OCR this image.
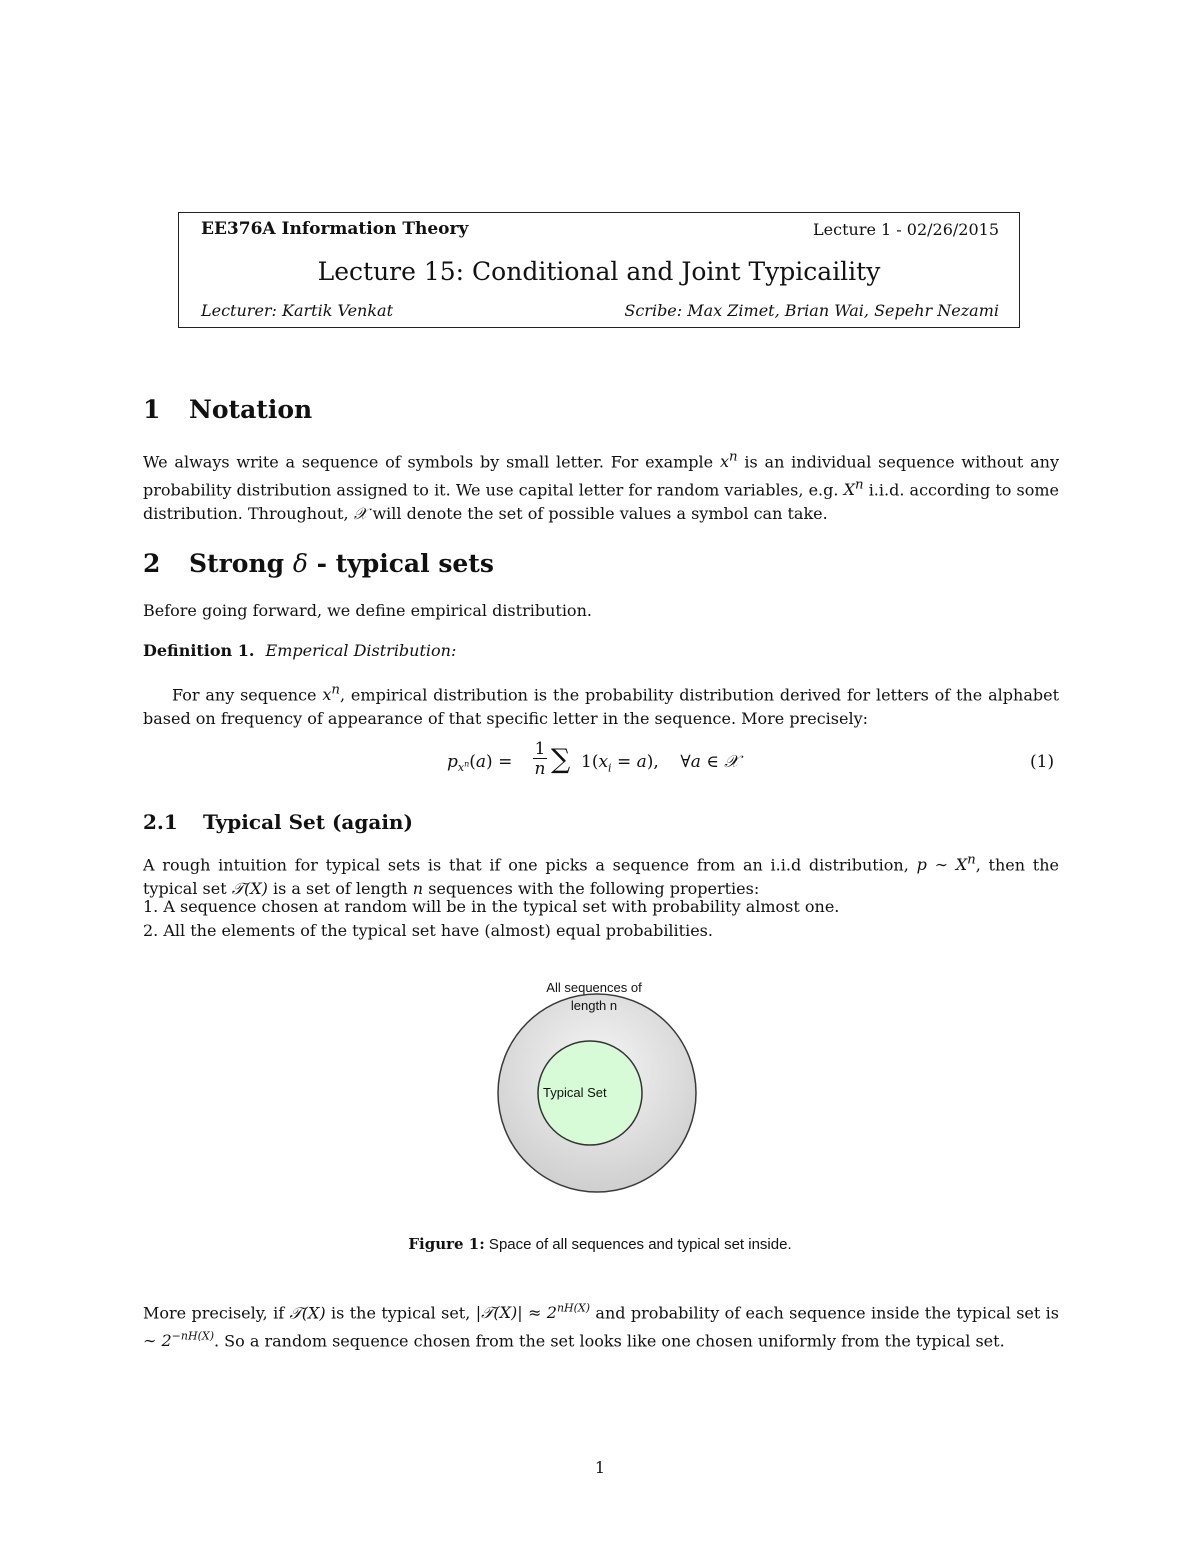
EE376A Information Theory	Lecture 1 - 02/26/2015
Lecture 15: Conditional and Joint Typicaility
Lecturer: Kartik Venkat	Scribe: Max Zimet, Brian Wai, Sepehr Nezami
1 Notation
We always write a sequence of symbols by small letter. For example $x^n$ is an individual sequence without any probability distribution assigned to it. We use capital letter for random variables, e.g. $X^n$ i.i.d. according to some distribution. Throughout, 𝒳 will denote the set of possible values a symbol can take.
2 Strong δ - typical sets
Before going forward, we define empirical distribution.
Definition 1. Emperical Distribution:
For any sequence $x^n$, empirical distribution is the probability distribution derived for letters of the alphabet based on frequency of appearance of that specific letter in the sequence. More precisely:
$p_{x^n}(a)$ =
1
n ∑ $1(x_i = a)$,    ∀a ∈ 𝒳	(1)
2.1 Typical Set (again)
A rough intuition for typical sets is that if one picks a sequence from an i.i.d distribution, p ∼ $X^n$, then the typical set 𝒯(X) is a set of length n sequences with the following properties:
1. A sequence chosen at random will be in the typical set with probability almost one.
2. All the elements of the typical set have (almost) equal probabilities.
All sequences of
length n
Typical Set
Figure 1: Space of all sequences and typical set inside.
More precisely, if 𝒯(X) is the typical set, |𝒯(X)| ≈ $2^{nH(X)}$ and probability of each sequence inside the typical set is ∼ $2^{-nH(X)}$. So a random sequence chosen from the set looks like one chosen uniformly from the typical set.
1
